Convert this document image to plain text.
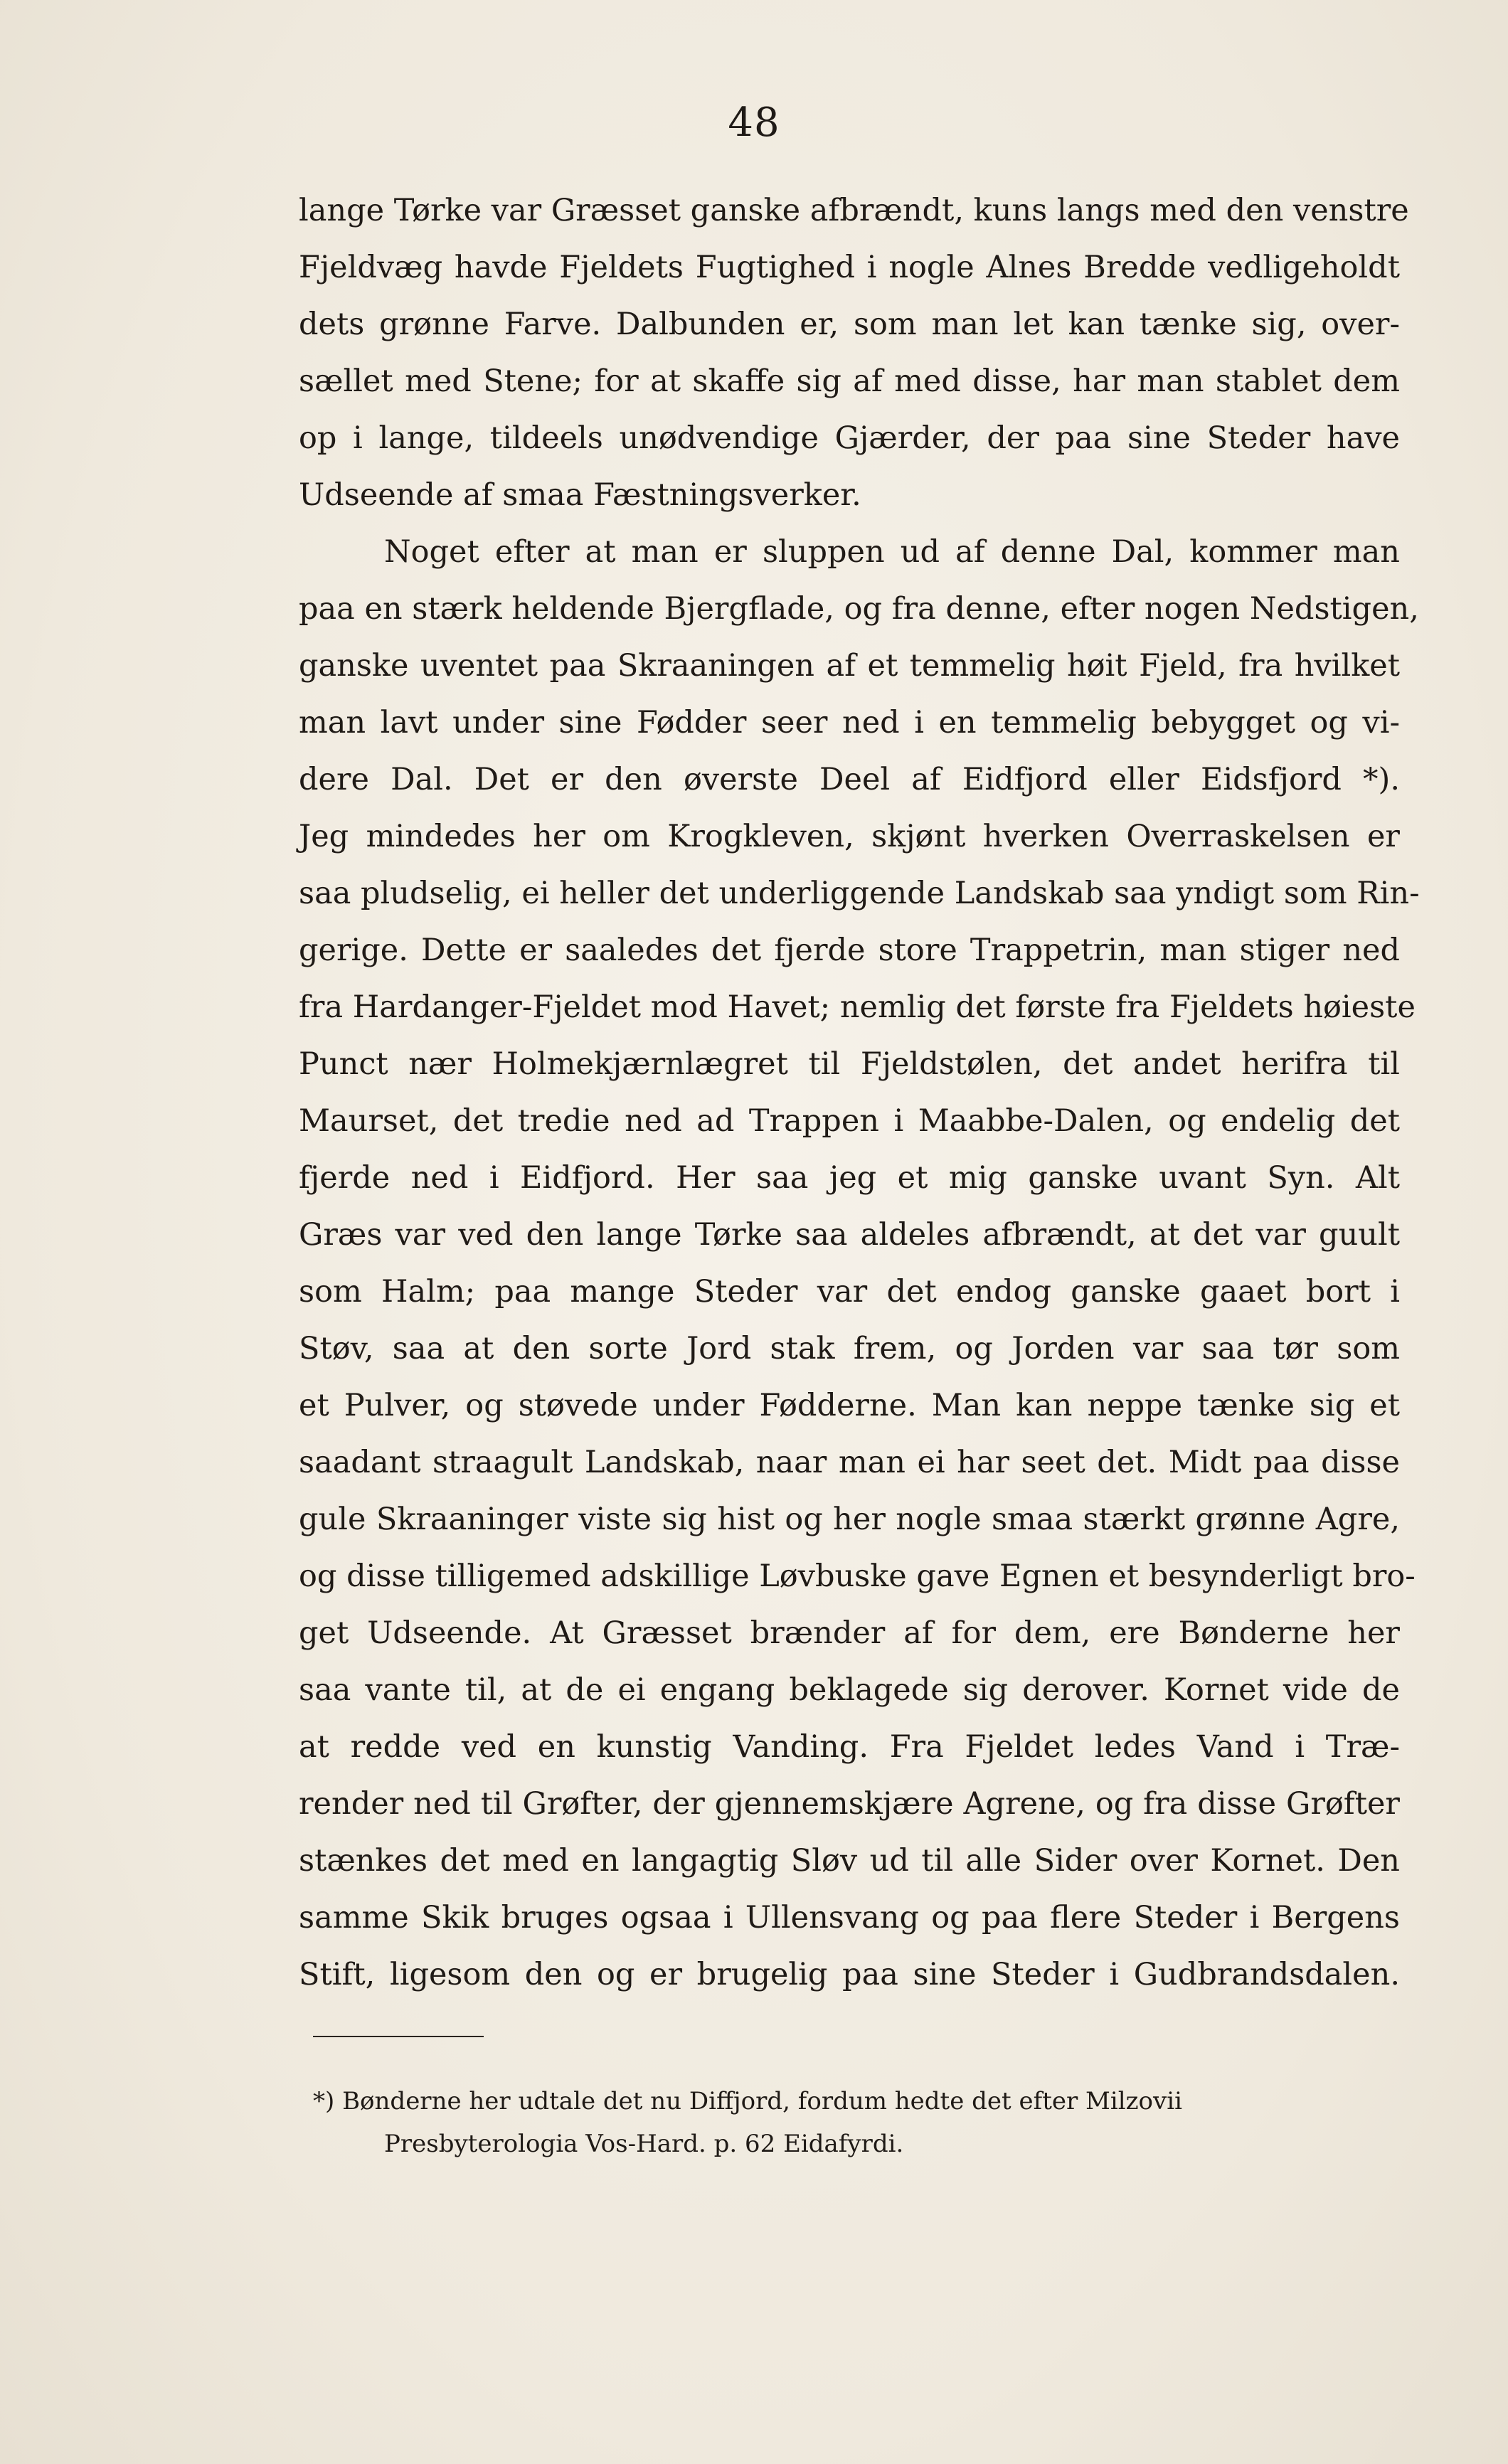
48
lange Tørke var Græsset ganske afbrændt, kuns langs med den venstre
Fjeldvæg havde Fjeldets Fugtighed i nogle Alnes Bredde vedligeholdt
dets grønne Farve. Dalbunden er, som man let kan tænke sig, over-
sællet med Stene; for at skaffe sig af med disse, har man stablet dem
op i lange, tildeels unødvendige Gjærder, der paa sine Steder have
Udseende af smaa Fæstningsverker.
Noget efter at man er sluppen ud af denne Dal, kommer man
paa en stærk heldende Bjergflade, og fra denne, efter nogen Nedstigen,
ganske uventet paa Skraaningen af et temmelig høit Fjeld, fra hvilket
man lavt under sine Fødder seer ned i en temmelig bebygget og vi-
dere Dal. Det er den øverste Deel af Eidfjord eller Eidsfjord *).
Jeg mindedes her om Krogkleven, skjønt hverken Overraskelsen er
saa pludselig, ei heller det underliggende Landskab saa yndigt som Rin-
gerige. Dette er saaledes det fjerde store Trappetrin, man stiger ned
fra Hardanger-Fjeldet mod Havet; nemlig det første fra Fjeldets høieste
Punct nær Holmekjærnlægret til Fjeldstølen, det andet herifra til
Maurset, det tredie ned ad Trappen i Maabbe-Dalen, og endelig det
fjerde ned i Eidfjord. Her saa jeg et mig ganske uvant Syn. Alt
Græs var ved den lange Tørke saa aldeles afbrændt, at det var guult
som Halm; paa mange Steder var det endog ganske gaaet bort i
Støv, saa at den sorte Jord stak frem, og Jorden var saa tør som
et Pulver, og støvede under Fødderne. Man kan neppe tænke sig et
saadant straagult Landskab, naar man ei har seet det. Midt paa disse
gule Skraaninger viste sig hist og her nogle smaa stærkt grønne Agre,
og disse tilligemed adskillige Løvbuske gave Egnen et besynderligt bro-
get Udseende. At Græsset brænder af for dem, ere Bønderne her
saa vante til, at de ei engang beklagede sig derover. Kornet vide de
at redde ved en kunstig Vanding. Fra Fjeldet ledes Vand i Træ-
render ned til Grøfter, der gjennemskjære Agrene, og fra disse Grøfter
stænkes det med en langagtig Sløv ud til alle Sider over Kornet. Den
samme Skik bruges ogsaa i Ullensvang og paa flere Steder i Bergens
Stift, ligesom den og er brugelig paa sine Steder i Gudbrandsdalen.
*) Bønderne her udtale det nu Diffjord, fordum hedte det efter Milzovii
Presbyterologia Vos-Hard. p. 62 Eidafyrdi.
